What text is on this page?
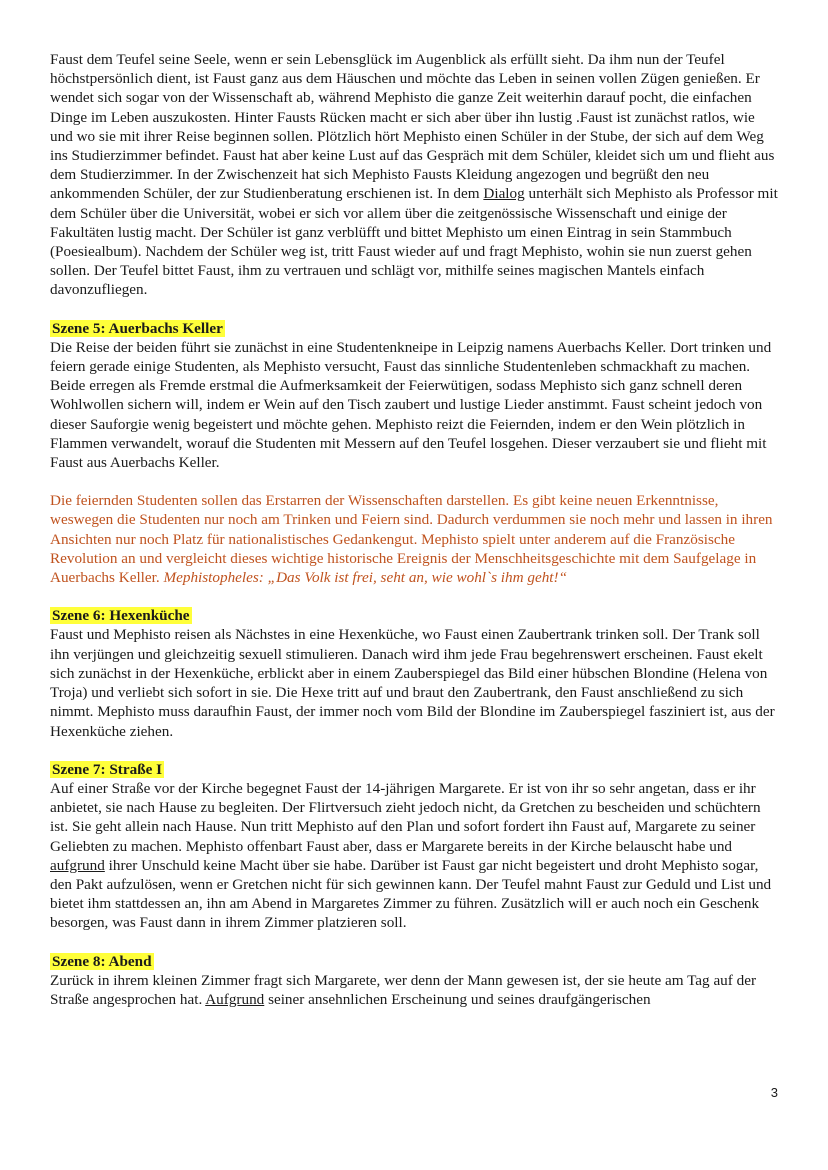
Faust dem Teufel seine Seele, wenn er sein Lebensglück im Augenblick als erfüllt sieht. Da ihm nun der Teufel höchstpersönlich dient, ist Faust ganz aus dem Häuschen und möchte das Leben in seinen vollen Zügen genießen. Er wendet sich sogar von der Wissenschaft ab, während Mephisto die ganze Zeit weiterhin darauf pocht, die einfachen Dinge im Leben auszukosten. Hinter Fausts Rücken macht er sich aber über ihn lustig .Faust ist zunächst ratlos, wie und wo sie mit ihrer Reise beginnen sollen. Plötzlich hört Mephisto einen Schüler in der Stube, der sich auf dem Weg ins Studierzimmer befindet. Faust hat aber keine Lust auf das Gespräch mit dem Schüler, kleidet sich um und flieht aus dem Studierzimmer. In der Zwischenzeit hat sich Mephisto Fausts Kleidung angezogen und begrüßt den neu ankommenden Schüler, der zur Studienberatung erschienen ist. In dem Dialog unterhält sich Mephisto als Professor mit dem Schüler über die Universität, wobei er sich vor allem über die zeitgenössische Wissenschaft und einige der Fakultäten lustig macht. Der Schüler ist ganz verblüfft und bittet Mephisto um einen Eintrag in sein Stammbuch (Poesiealbum). Nachdem der Schüler weg ist, tritt Faust wieder auf und fragt Mephisto, wohin sie nun zuerst gehen sollen. Der Teufel bittet Faust, ihm zu vertrauen und schlägt vor, mithilfe seines magischen Mantels einfach davonzufliegen.

Szene 5: Auerbachs Keller

Die Reise der beiden führt sie zunächst in eine Studentenkneipe in Leipzig namens Auerbachs Keller. Dort trinken und feiern gerade einige Studenten, als Mephisto versucht, Faust das sinnliche Studentenleben schmackhaft zu machen. Beide erregen als Fremde erstmal die Aufmerksamkeit der Feierwütigen, sodass Mephisto sich ganz schnell deren Wohlwollen sichern will, indem er Wein auf den Tisch zaubert und lustige Lieder anstimmt. Faust scheint jedoch von dieser Sauforgie wenig begeistert und möchte gehen. Mephisto reizt die Feiernden, indem er den Wein plötzlich in Flammen verwandelt, worauf die Studenten mit Messern auf den Teufel losgehen. Dieser verzaubert sie und flieht mit Faust aus Auerbachs Keller.

Die feiernden Studenten sollen das Erstarren der Wissenschaften darstellen. Es gibt keine neuen Erkenntnisse, weswegen die Studenten nur noch am Trinken und Feiern sind. Dadurch verdummen sie noch mehr und lassen in ihren Ansichten nur noch Platz für nationalistisches Gedankengut. Mephisto spielt unter anderem auf die Französische Revolution an und vergleicht dieses wichtige historische Ereignis der Menschheitsgeschichte mit dem Saufgelage in Auerbachs Keller. Mephistopheles: „Das Volk ist frei, seht an, wie wohl`s ihm geht!“

Szene 6: Hexenküche

Faust und Mephisto reisen als Nächstes in eine Hexenküche, wo Faust einen Zaubertrank trinken soll. Der Trank soll ihn verjüngen und gleichzeitig sexuell stimulieren. Danach wird ihm jede Frau begehrenswert erscheinen. Faust ekelt sich zunächst in der Hexenküche, erblickt aber in einem Zauberspiegel das Bild einer hübschen Blondine (Helena von Troja) und verliebt sich sofort in sie. Die Hexe tritt auf und braut den Zaubertrank, den Faust anschließend zu sich nimmt. Mephisto muss daraufhin Faust, der immer noch vom Bild der Blondine im Zauberspiegel fasziniert ist, aus der Hexenküche ziehen.

Szene 7: Straße I

Auf einer Straße vor der Kirche begegnet Faust der 14-jährigen Margarete. Er ist von ihr so sehr angetan, dass er ihr anbietet, sie nach Hause zu begleiten. Der Flirtversuch zieht jedoch nicht, da Gretchen zu bescheiden und schüchtern ist. Sie geht allein nach Hause. Nun tritt Mephisto auf den Plan und sofort fordert ihn Faust auf, Margarete zu seiner Geliebten zu machen. Mephisto offenbart Faust aber, dass er Margarete bereits in der Kirche belauscht habe und aufgrund ihrer Unschuld keine Macht über sie habe. Darüber ist Faust gar nicht begeistert und droht Mephisto sogar, den Pakt aufzulösen, wenn er Gretchen nicht für sich gewinnen kann. Der Teufel mahnt Faust zur Geduld und List und bietet ihm stattdessen an, ihn am Abend in Margaretes Zimmer zu führen. Zusätzlich will er auch noch ein Geschenk besorgen, was Faust dann in ihrem Zimmer platzieren soll.

Szene 8: Abend

Zurück in ihrem kleinen Zimmer fragt sich Margarete, wer denn der Mann gewesen ist, der sie heute am Tag auf der Straße angesprochen hat. Aufgrund seiner ansehnlichen Erscheinung und seines draufgängerischen

3
